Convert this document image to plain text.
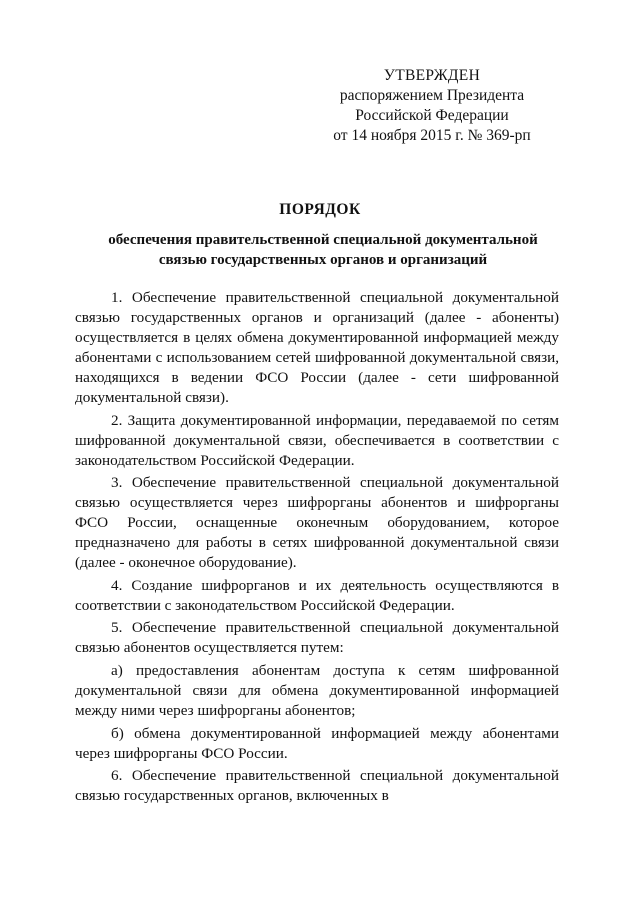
УТВЕРЖДЕН
распоряжением Президента
Российской Федерации
от 14 ноября 2015 г. № 369-рп
ПОРЯДОК
обеспечения правительственной специальной документальной связью государственных органов и организаций

1. Обеспечение правительственной специальной документальной связью государственных органов и организаций (далее - абоненты) осуществляется в целях обмена документированной информацией между абонентами с использованием сетей шифрованной документальной связи, находящихся в ведении ФСО России (далее - сети шифрованной документальной связи).

2. Защита документированной информации, передаваемой по сетям шифрованной документальной связи, обеспечивается в соответствии с законодательством Российской Федерации.

3. Обеспечение правительственной специальной документальной связью осуществляется через шифрорганы абонентов и шифрорганы ФСО России, оснащенные оконечным оборудованием, которое предназначено для работы в сетях шифрованной документальной связи (далее - оконечное оборудование).

4. Создание шифрорганов и их деятельность осуществляются в соответствии с законодательством Российской Федерации.

5. Обеспечение правительственной специальной документальной связью абонентов осуществляется путем:

а) предоставления абонентам доступа к сетям шифрованной документальной связи для обмена документированной информацией между ними через шифрорганы абонентов;

б) обмена документированной информацией между абонентами через шифрорганы ФСО России.

6. Обеспечение правительственной специальной документальной связью государственных органов, включенных в
